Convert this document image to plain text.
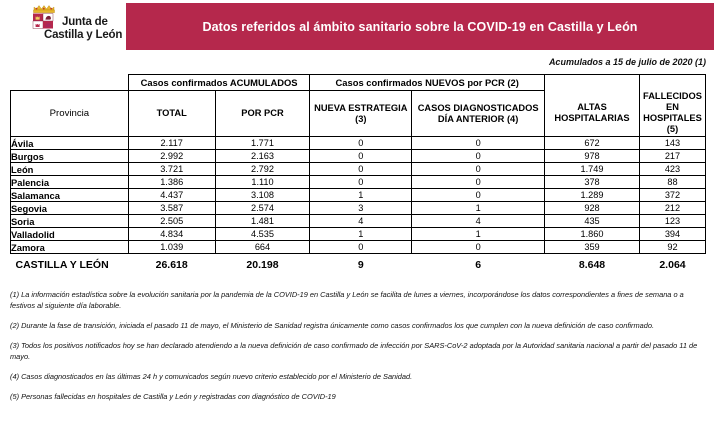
Junta de
Castilla y León
Datos referidos al ámbito sanitario sobre la COVID-19 en Castilla y León
Acumulados a 15 de julio de 2020 (1)
	Casos confirmados ACUMULADOS		Casos confirmados NUEVOS por PCR (2)			
Provincia	TOTAL	POR PCR	NUEVA ESTRATEGIA (3)	CASOS DIAGNOSTICADOS DÍA ANTERIOR (4)	ALTAS HOSPITALARIAS	FALLECIDOS EN HOSPITALES (5)
Ávila	2.117	1.771	0	0	672	143
Burgos	2.992	2.163	0	0	978	217
León	3.721	2.792	0	0	1.749	423
Palencia	1.386	1.110	0	0	378	88
Salamanca	4.437	3.108	1	0	1.289	372
Segovia	3.587	2.574	3	1	928	212
Soria	2.505	1.481	4	4	435	123
Valladolid	4.834	4.535	1	1	1.860	394
Zamora	1.039	664	0	0	359	92
CASTILLA Y LEÓN	26.618	20.198	9	6	8.648	2.064
(1) La información estadística sobre la evolución sanitaria por la pandemia de la COVID-19 en Castilla y León se facilita de lunes a viernes, incorporándose los datos correspondientes a fines de semana o a festivos al siguiente día laborable.
(2) Durante la fase de transición, iniciada el pasado 11 de mayo, el Ministerio de Sanidad registra únicamente como casos confirmados los que cumplen con la nueva definición de caso confirmado.
(3) Todos los positivos notificados hoy se han declarado atendiendo a la nueva definición de caso confirmado de infección por SARS-CoV-2 adoptada por la Autoridad sanitaria nacional a partir del pasado 11 de mayo.
(4) Casos diagnosticados en las últimas 24 h y comunicados según nuevo criterio establecido por el Ministerio de Sanidad.
(5) Personas fallecidas en hospitales de Castilla y León y registradas con diagnóstico de COVID-19
